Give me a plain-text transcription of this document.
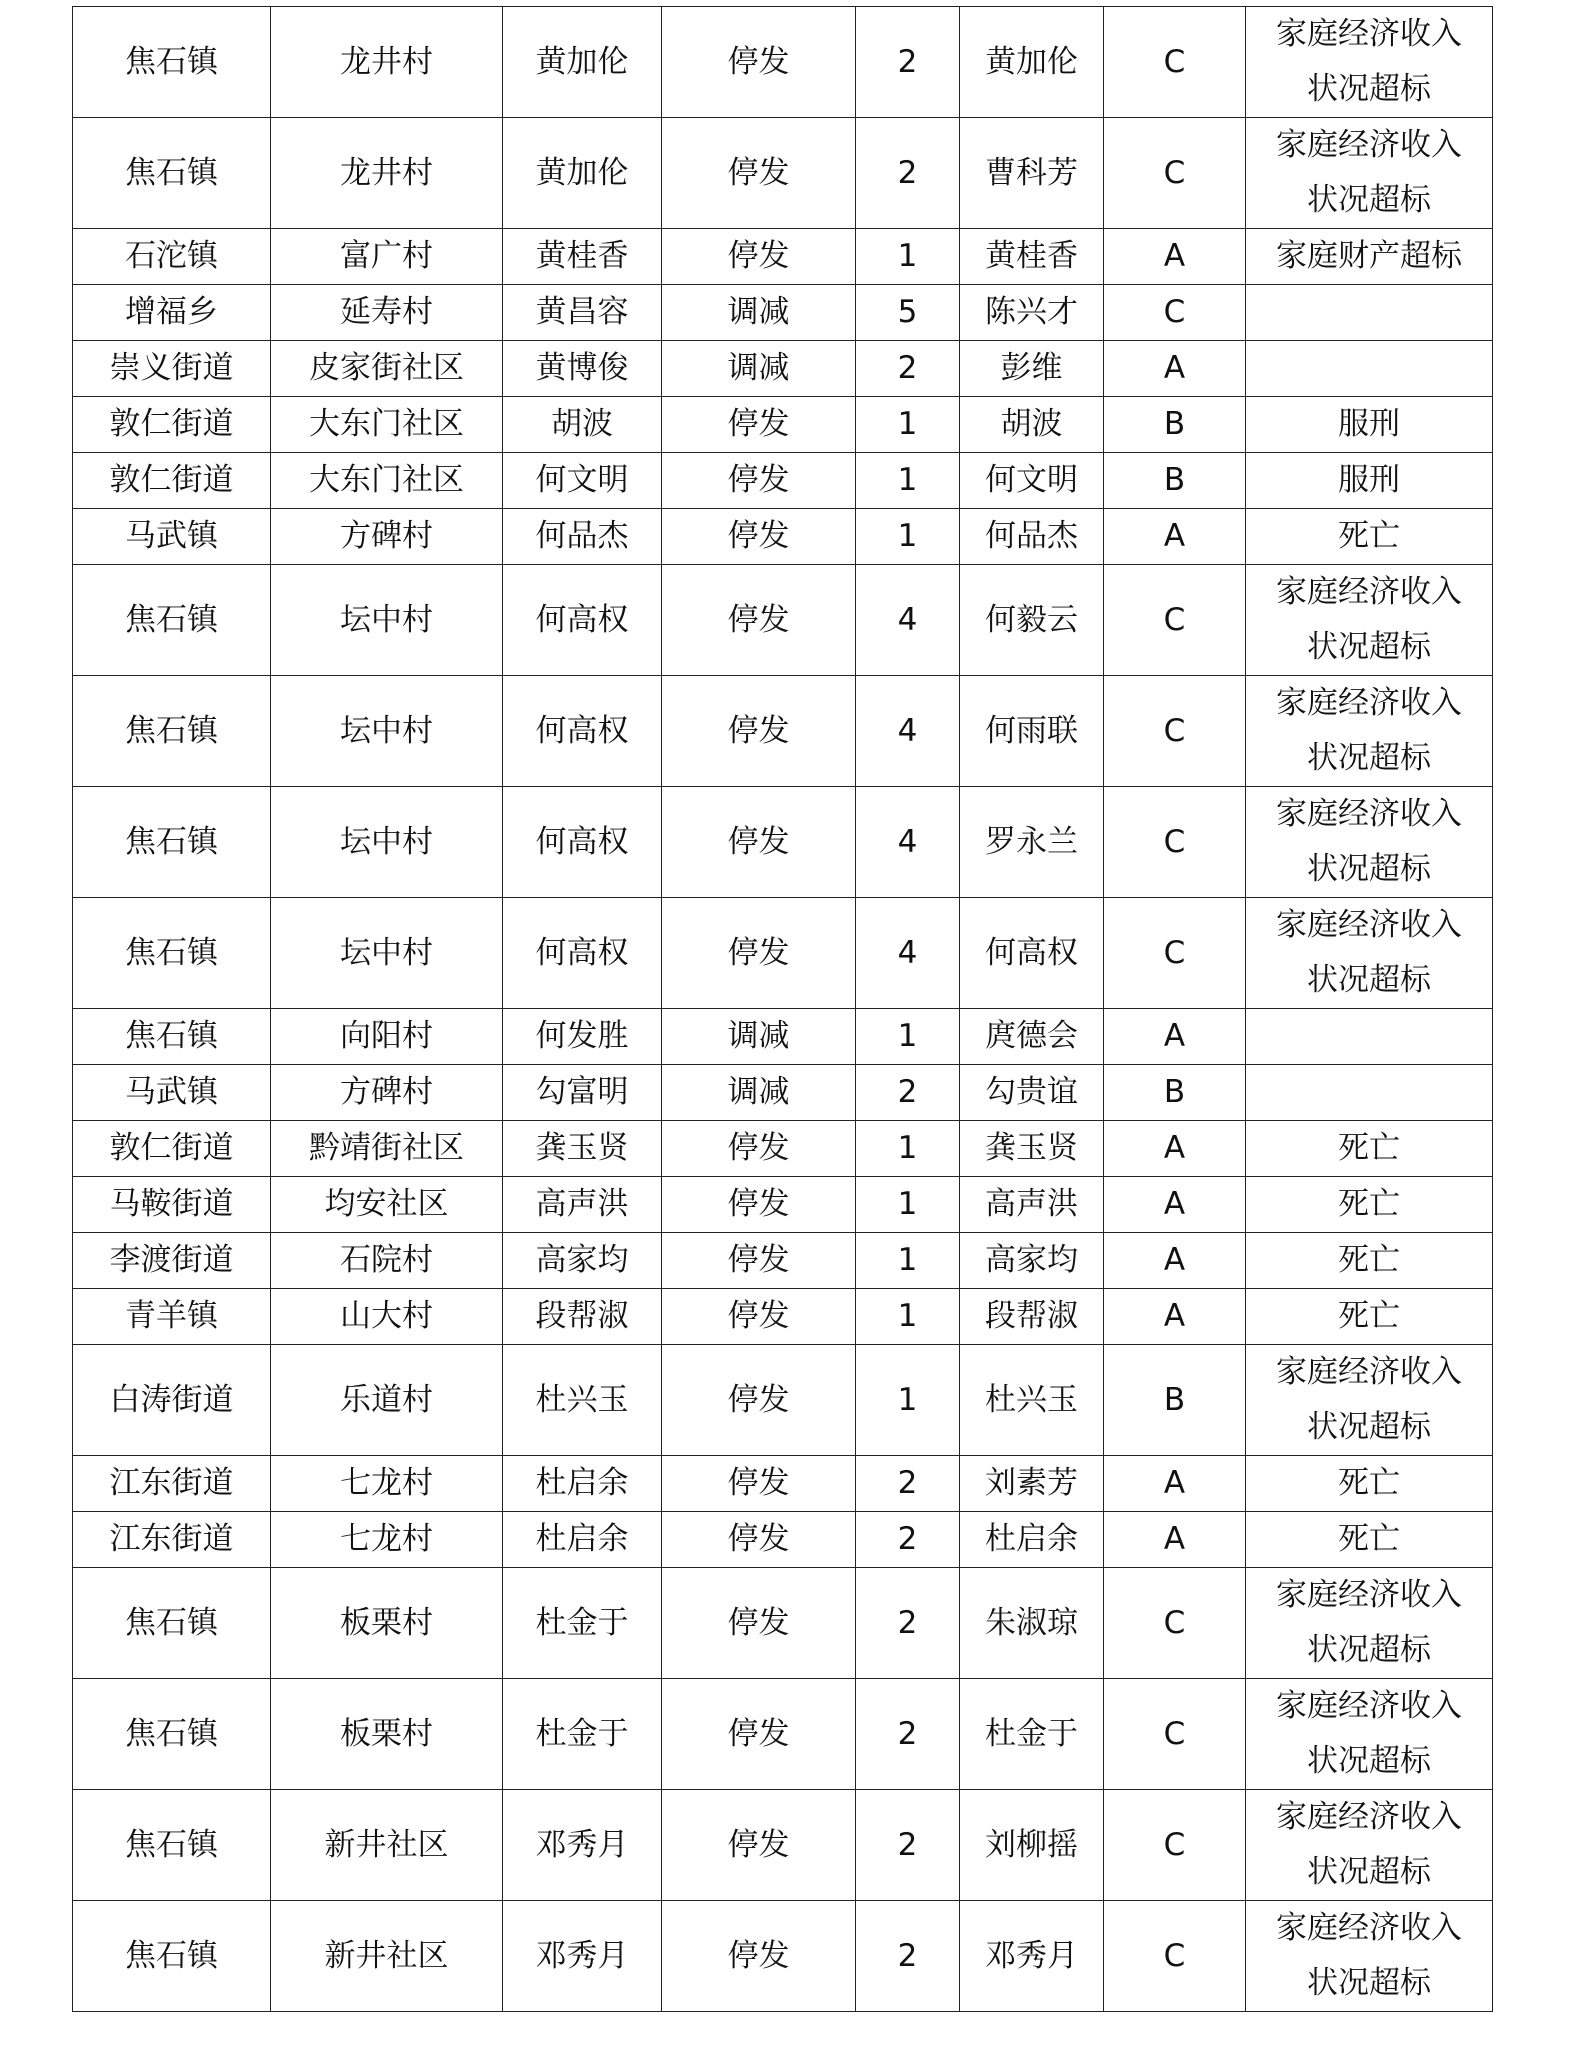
焦石镇	龙井村	黄加伦	停发	2	黄加伦	C	家庭经济收入
状况超标

焦石镇	龙井村	黄加伦	停发	2	曹科芳	C	家庭经济收入
状况超标

石沱镇	富广村	黄桂香	停发	1	黄桂香	A	家庭财产超标

增福乡	延寿村	黄昌容	调减	5	陈兴才	C	
崇义街道	皮家街社区	黄博俊	调减	2	彭维	A	
敦仁街道	大东门社区	胡波	停发	1	胡波	B	服刑

敦仁街道	大东门社区	何文明	停发	1	何文明	B	服刑

马武镇	方碑村	何品杰	停发	1	何品杰	A	死亡

焦石镇	坛中村	何高权	停发	4	何毅云	C	家庭经济收入
状况超标

焦石镇	坛中村	何高权	停发	4	何雨联	C	家庭经济收入
状况超标

焦石镇	坛中村	何高权	停发	4	罗永兰	C	家庭经济收入
状况超标

焦石镇	坛中村	何高权	停发	4	何高权	C	家庭经济收入
状况超标

焦石镇	向阳村	何发胜	调减	1	庹德会	A	
马武镇	方碑村	勾富明	调减	2	勾贵谊	B	
敦仁街道	黔靖街社区	龚玉贤	停发	1	龚玉贤	A	死亡

马鞍街道	均安社区	高声洪	停发	1	高声洪	A	死亡

李渡街道	石院村	高家均	停发	1	高家均	A	死亡

青羊镇	山大村	段帮淑	停发	1	段帮淑	A	死亡

白涛街道	乐道村	杜兴玉	停发	1	杜兴玉	B	家庭经济收入
状况超标

江东街道	七龙村	杜启余	停发	2	刘素芳	A	死亡

江东街道	七龙村	杜启余	停发	2	杜启余	A	死亡

焦石镇	板栗村	杜金于	停发	2	朱淑琼	C	家庭经济收入
状况超标

焦石镇	板栗村	杜金于	停发	2	杜金于	C	家庭经济收入
状况超标

焦石镇	新井社区	邓秀月	停发	2	刘柳摇	C	家庭经济收入
状况超标

焦石镇	新井社区	邓秀月	停发	2	邓秀月	C	家庭经济收入
状况超标
